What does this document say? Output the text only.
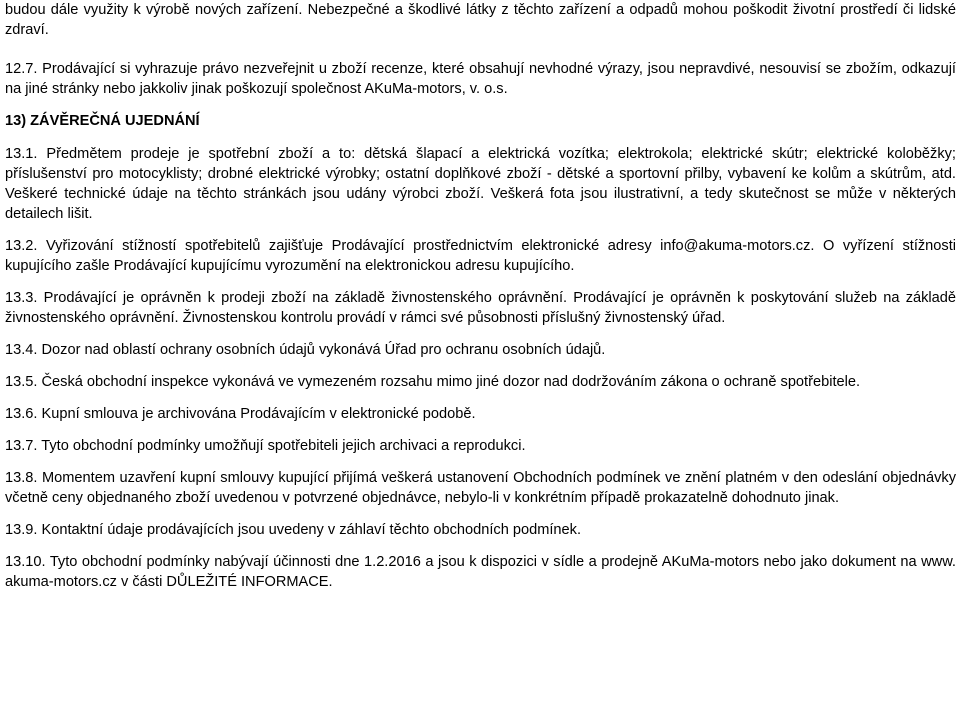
budou dále využity k výrobě nových zařízení. Nebezpečné a škodlivé látky z těchto zařízení a odpadů mohou poškodit životní prostředí či lidské zdraví.

12.7. Prodávající si vyhrazuje právo nezveřejnit u zboží recenze, které obsahují nevhodné výrazy, jsou nepravdivé, nesouvisí se zbožím, odkazují na jiné stránky nebo jakkoliv jinak poškozují společnost AKuMa-motors, v. o.s.

13) ZÁVĚREČNÁ UJEDNÁNÍ

13.1. Předmětem prodeje je spotřební zboží a to: dětská šlapací a elektrická vozítka; elektrokola; elektrické skútr; elektrické koloběžky; příslušenství pro motocyklisty; drobné elektrické výrobky; ostatní doplňkové zboží - dětské a sportovní přilby, vybavení ke kolům a skútrům, atd. Veškeré technické údaje na těchto stránkách jsou udány výrobci zboží. Veškerá fota jsou ilustrativní, a tedy skutečnost se může v některých detailech lišit.

13.2. Vyřizování stížností spotřebitelů zajišťuje Prodávající prostřednictvím elektronické adresy info@akuma-motors.cz. O vyřízení stížnosti kupujícího zašle Prodávající kupujícímu vyrozumění na elektronickou adresu kupujícího.

13.3. Prodávající je oprávněn k prodeji zboží na základě živnostenského oprávnění. Prodávající je oprávněn k poskytování služeb na základě živnostenského oprávnění. Živnostenskou kontrolu provádí v rámci své působnosti příslušný živnostenský úřad.

13.4. Dozor nad oblastí ochrany osobních údajů vykonává Úřad pro ochranu osobních údajů.

13.5. Česká obchodní inspekce vykonává ve vymezeném rozsahu mimo jiné dozor nad dodržováním zákona o ochraně spotřebitele.

13.6. Kupní smlouva je archivována Prodávajícím v elektronické podobě.

13.7. Tyto obchodní podmínky umožňují spotřebiteli jejich archivaci a reprodukci.

13.8. Momentem uzavření kupní smlouvy kupující přijímá veškerá ustanovení Obchodních podmínek ve znění platném v den odeslání objednávky včetně ceny objednaného zboží uvedenou v potvrzené objednávce, nebylo-li v konkrétním případě prokazatelně dohodnuto jinak.

13.9. Kontaktní údaje prodávajících jsou uvedeny v záhlaví těchto obchodních podmínek.

13.10. Tyto obchodní podmínky nabývají účinnosti dne 1.2.2016 a jsou k dispozici v sídle a prodejně AKuMa-motors nebo jako dokument na www. akuma-motors.cz v části DŮLEŽITÉ INFORMACE.
